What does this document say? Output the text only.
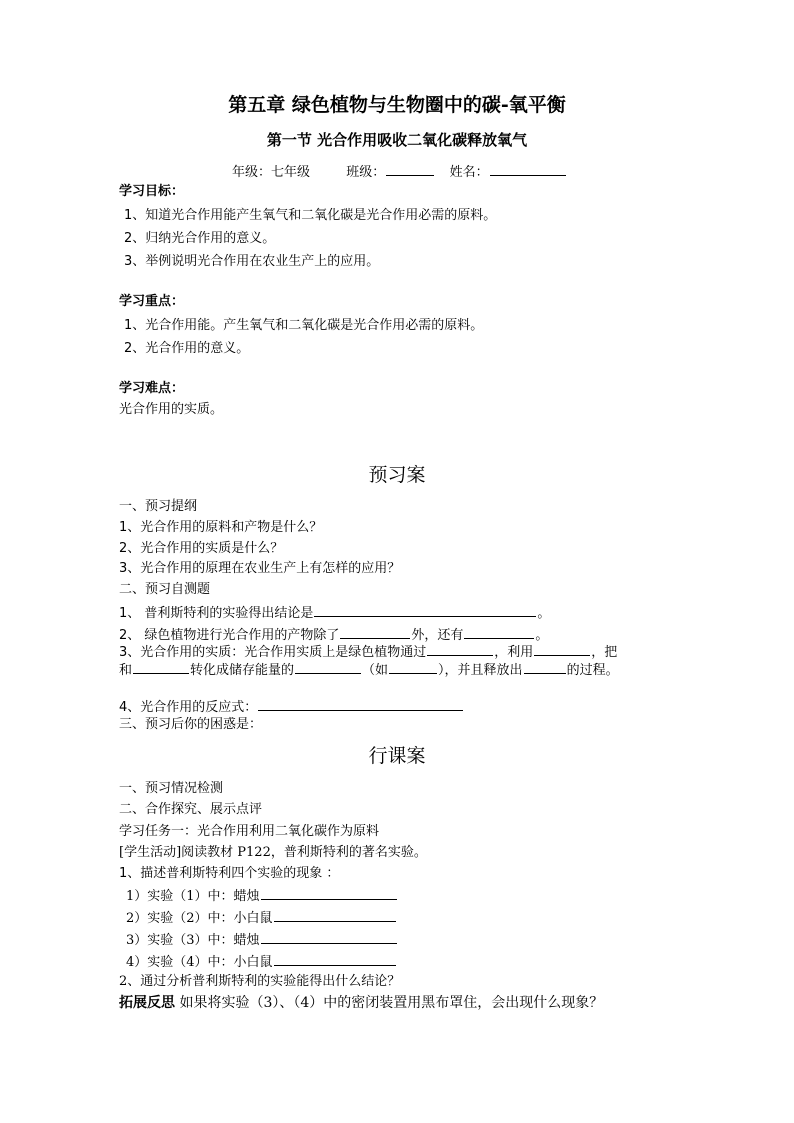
第五章 绿色植物与生物圈中的碳-氧平衡
第一节 光合作用吸收二氧化碳释放氧气
年级：七年级	班级：	姓名：
学习目标：
1、知道光合作用能产生氧气和二氧化碳是光合作用必需的原料。
2、归纳光合作用的意义。
3、举例说明光合作用在农业生产上的应用。
学习重点：
1、光合作用能。产生氧气和二氧化碳是光合作用必需的原料。
2、光合作用的意义。
学习难点：
光合作用的实质。
预习案
一、预习提纲
1、光合作用的原料和产物是什么？
2、光合作用的实质是什么？
3、光合作用的原理在农业生产上有怎样的应用？
二、预习自测题
1、 普利斯特利的实验得出结论是	。
2、 绿色植物进行光合作用的产物除了	外，还有	。
3、光合作用的实质：光合作用实质上是绿色植物通过	，利用	，把
和	转化成储存能量的	（如	），并且释放出	的过程。
4、光合作用的反应式：
三、预习后你的困惑是：
行课案
一、预习情况检测
二、合作探究、展示点评
学习任务一：光合作用利用二氧化碳作为原料
[学生活动]阅读教材 P122，普利斯特利的著名实验。
1、描述普利斯特利四个实验的现象 ：
1）实验（1）中：蜡烛
2）实验（2）中：小白鼠
3）实验（3）中：蜡烛
4）实验（4）中：小白鼠
2、通过分析普利斯特利的实验能得出什么结论？
拓展反思 如果将实验（3）、（4）中的密闭装置用黑布罩住，会出现什么现象？
